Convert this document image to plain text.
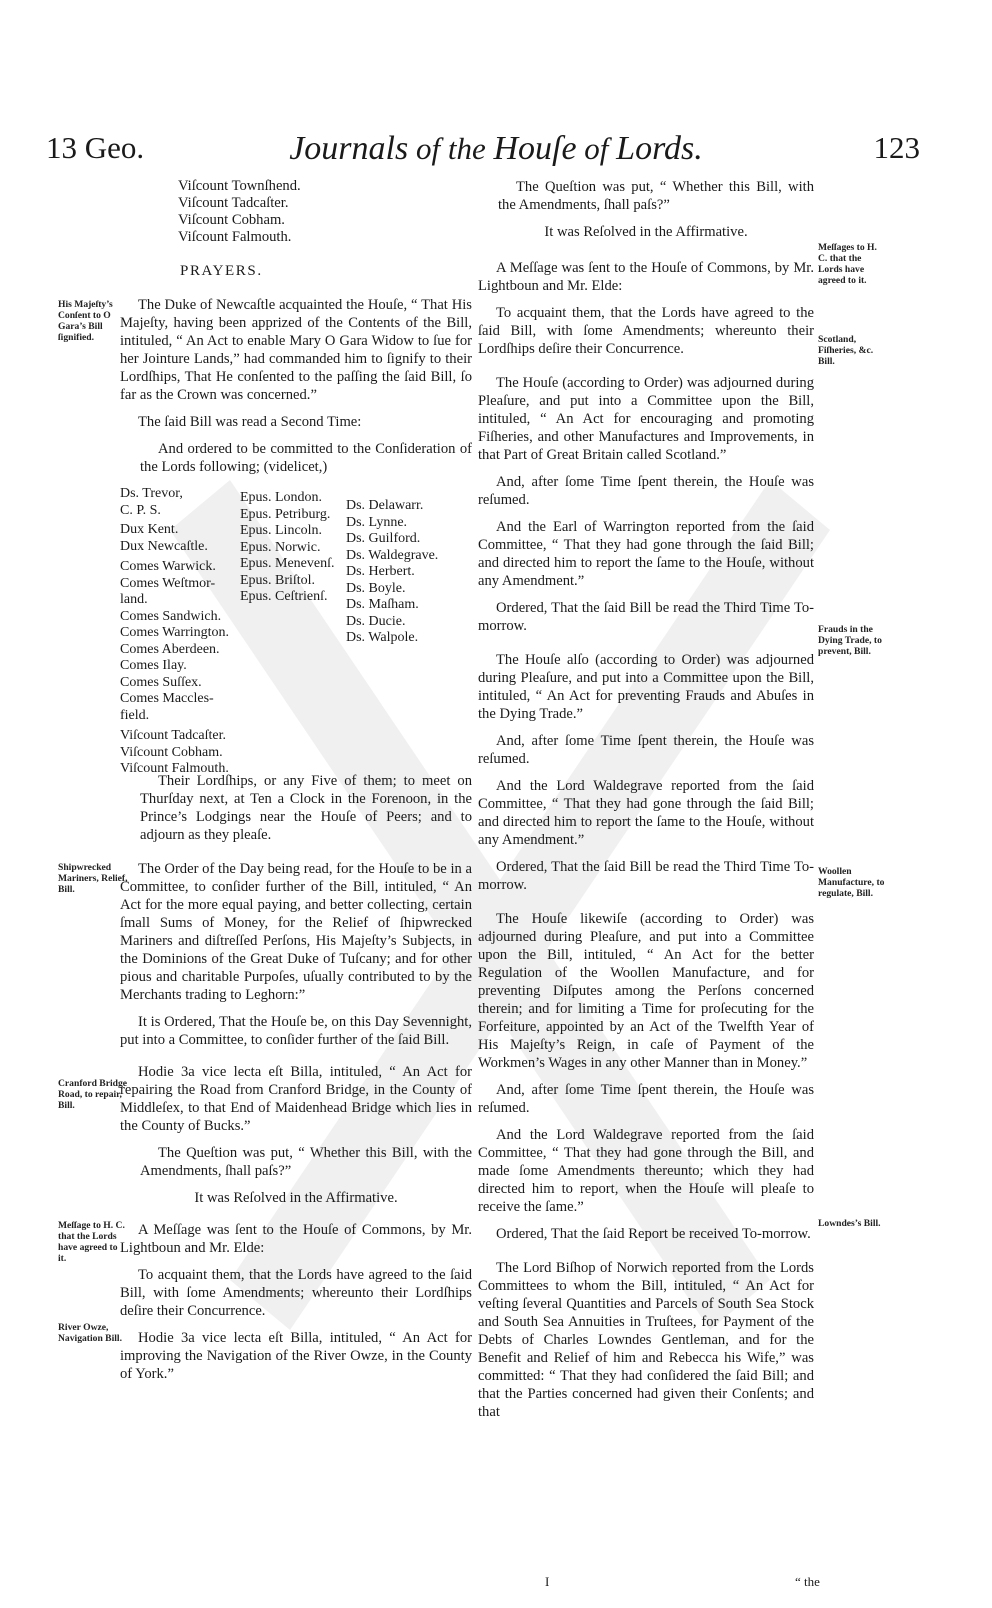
13 Geo.	Journals of the Houſe of Lords.	123
Viſcount Townſhend.
Viſcount Tadcaſter.
Viſcount Cobham.
Viſcount Falmouth.
PRAYERS.

The Duke of Newcaſtle acquainted the Houſe, “ That His Majeſty, having been apprized of the Contents of the Bill, intituled, “ An Act to enable Mary O Gara Widow to ſue for her Jointure Lands,” had commanded him to ſignify to their Lordſhips, That He conſented to the paſſing the ſaid Bill, ſo far as the Crown was concerned.”

The ſaid Bill was read a Second Time:

And ordered to be committed to the Conſideration of the Lords following; (videlicet,)

Ds. Trevor,
C. P. S.
Dux Kent.
Dux Newcaſtle.
Comes Warwick.
Comes Weſtmor-
land.
Comes Sandwich.
Comes Warrington.
Comes Aberdeen.
Comes Ilay.
Comes Suſſex.
Comes Maccles-
field.
Viſcount Tadcaſter.
Viſcount Cobham.
Viſcount Falmouth.
Epus. London.
Epus. Petriburg.
Epus. Lincoln.
Epus. Norwic.
Epus. Menevenſ.
Epus. Briſtol.
Epus. Ceſtrienſ.
Ds. Delawarr.
Ds. Lynne.
Ds. Guilford.
Ds. Waldegrave.
Ds. Herbert.
Ds. Boyle.
Ds. Maſham.
Ds. Ducie.
Ds. Walpole.

Their Lordſhips, or any Five of them; to meet on Thurſday next, at Ten a Clock in the Forenoon, in the Prince’s Lodgings near the Houſe of Peers; and to adjourn as they pleaſe.

The Order of the Day being read, for the Houſe to be in a Committee, to conſider further of the Bill, intituled, “ An Act for the more equal paying, and better collecting, certain ſmall Sums of Money, for the Relief of ſhipwrecked Mariners and diſtreſſed Perſons, His Majeſty’s Subjects, in the Dominions of the Great Duke of Tuſcany; and for other pious and charitable Purpoſes, uſually contributed to by the Merchants trading to Leghorn:”

It is Ordered, That the Houſe be, on this Day Sevennight, put into a Committee, to conſider further of the ſaid Bill.

Hodie 3a vice lecta eſt Billa, intituled, “ An Act for repairing the Road from Cranford Bridge, in the County of Middleſex, to that End of Maidenhead Bridge which lies in the County of Bucks.”

The Queſtion was put, “ Whether this Bill, with the Amendments, ſhall paſs?”

It was Reſolved in the Affirmative.

A Meſſage was ſent to the Houſe of Commons, by Mr. Lightboun and Mr. Elde:

To acquaint them, that the Lords have agreed to the ſaid Bill, with ſome Amendments; whereunto their Lordſhips deſire their Concurrence.

Hodie 3a vice lecta eſt Billa, intituled, “ An Act for improving the Navigation of the River Owze, in the County of York.”

The Queſtion was put, “ Whether this Bill, with the Amendments, ſhall paſs?”

It was Reſolved in the Affirmative.

A Meſſage was ſent to the Houſe of Commons, by Mr. Lightboun and Mr. Elde:

To acquaint them, that the Lords have agreed to the ſaid Bill, with ſome Amendments; whereunto their Lordſhips deſire their Concurrence.

The Houſe (according to Order) was adjourned during Pleaſure, and put into a Committee upon the Bill, intituled, “ An Act for encouraging and promoting Fiſheries, and other Manufactures and Improvements, in that Part of Great Britain called Scotland.”

And, after ſome Time ſpent therein, the Houſe was reſumed.

And the Earl of Warrington reported from the ſaid Committee, “ That they had gone through the ſaid Bill; and directed him to report the ſame to the Houſe, without any Amendment.”

Ordered, That the ſaid Bill be read the Third Time To-morrow.

The Houſe alſo (according to Order) was adjourned during Pleaſure, and put into a Committee upon the Bill, intituled, “ An Act for preventing Frauds and Abuſes in the Dying Trade.”

And, after ſome Time ſpent therein, the Houſe was reſumed.

And the Lord Waldegrave reported from the ſaid Committee, “ That they had gone through the ſaid Bill; and directed him to report the ſame to the Houſe, without any Amendment.”

Ordered, That the ſaid Bill be read the Third Time To-morrow.

The Houſe likewiſe (according to Order) was adjourned during Pleaſure, and put into a Committee upon the Bill, intituled, “ An Act for the better Regulation of the Woollen Manufacture, and for preventing Diſputes among the Perſons concerned therein; and for limiting a Time for proſecuting for the Forfeiture, appointed by an Act of the Twelfth Year of His Majeſty’s Reign, in caſe of Payment of the Workmen’s Wages in any other Manner than in Money.”

And, after ſome Time ſpent therein, the Houſe was reſumed.

And the Lord Waldegrave reported from the ſaid Committee, “ That they had gone through the Bill, and made ſome Amendments thereunto; which they had directed him to report, when the Houſe will pleaſe to receive the ſame.”

Ordered, That the ſaid Report be received To-morrow.

The Lord Biſhop of Norwich reported from the Lords Committees to whom the Bill, intituled, “ An Act for veſting ſeveral Quantities and Parcels of South Sea Stock and South Sea Annuities in Truſtees, for Payment of the Debts of Charles Lowndes Gentleman, and for the Benefit and Relief of him and Rebecca his Wife,” was committed: “ That they had conſidered the ſaid Bill; and that the Parties concerned had given their Conſents; and that

His Majeſty’s Conſent to O Gara’s Bill ſignified.
Shipwrecked Mariners, Relief, Bill.
Cranford Bridge Road, to repair, Bill.
Meſſage to H. C. that the Lords have agreed to it.
River Owze, Navigation Bill.
Meſſages to H. C. that the Lords have agreed to it.
Scotland, Fiſheries, &c. Bill.
Frauds in the Dying Trade, to prevent, Bill.
Woollen Manufacture, to regulate, Bill.
Lowndes’s Bill.
I	“ the
